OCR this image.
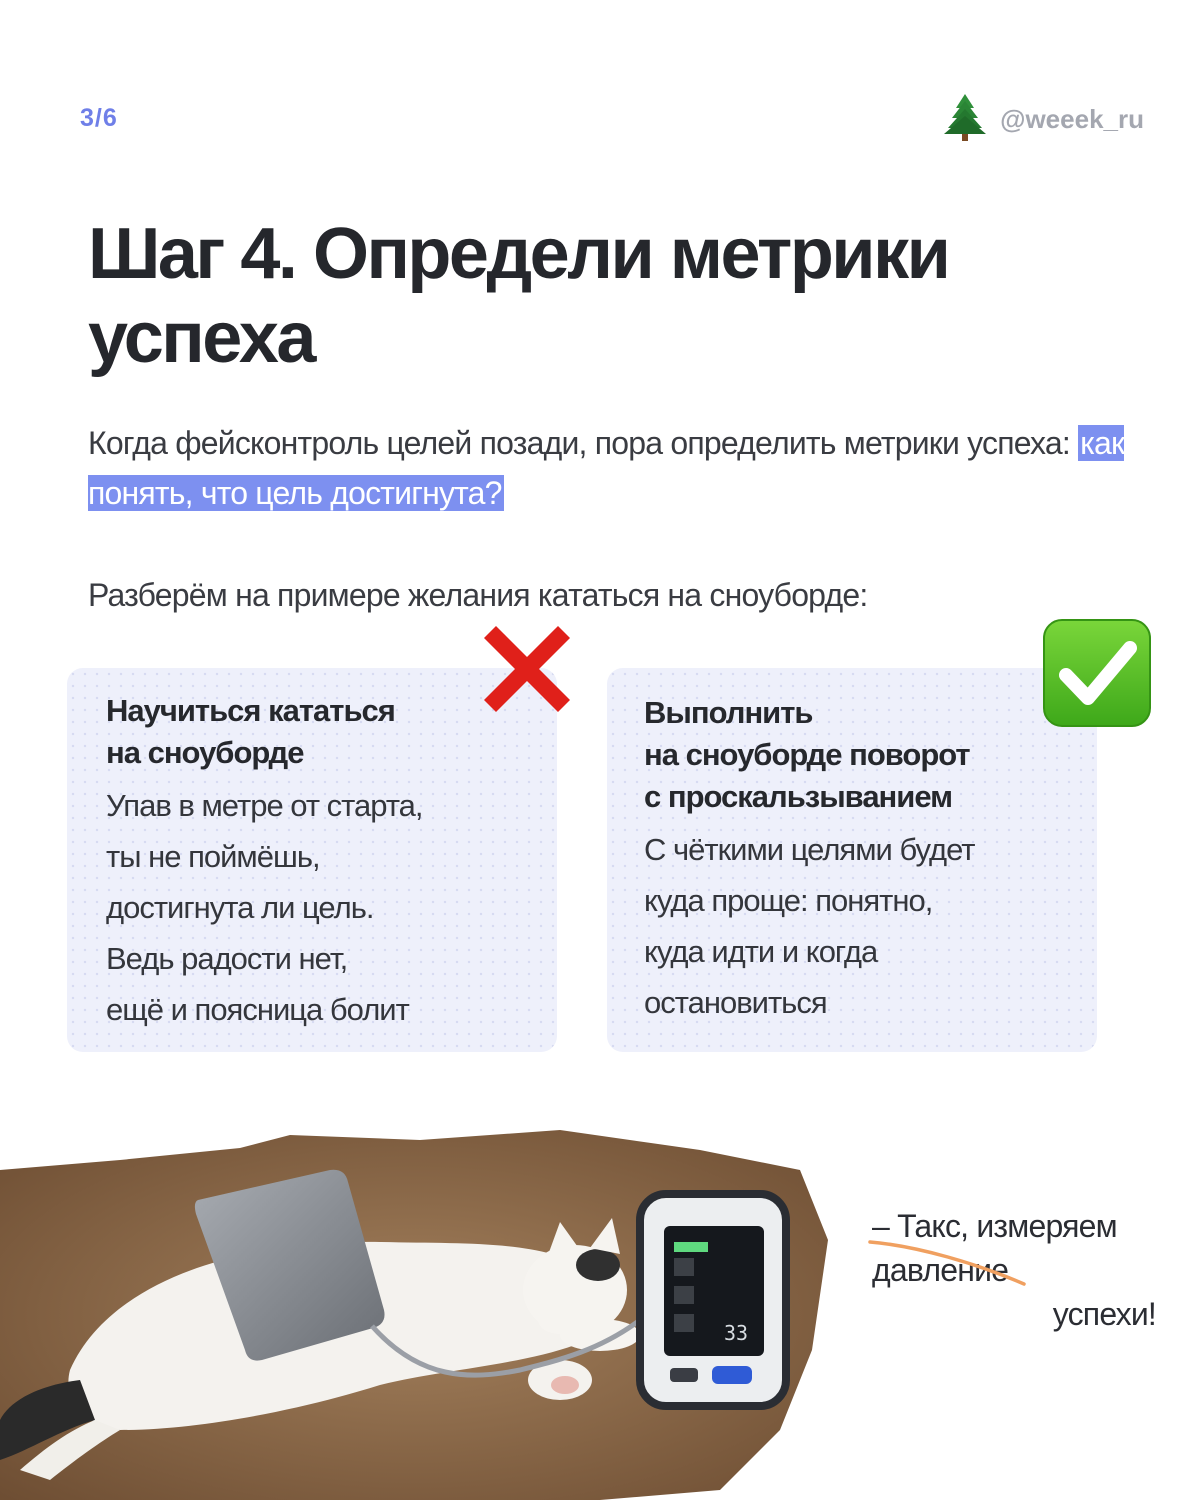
3/6	@weeek_ru
Шаг 4. Определи метрики успеха

Когда фейсконтроль целей позади, пора определить метрики успеха: как понять, что цель достигнута?

Разберём на примере желания кататься на сноуборде:

Научиться кататься
на сноуборде

Упав в метре от старта,
ты не поймёшь,
достигнута ли цель.
Ведь радости нет,
ещё и поясница болит

Выполнить
на сноуборде поворот
с проскальзыванием

С чёткими целями будет
куда проще: понятно,
куда идти и когда
остановиться

33
– Такс, измеряем
давление
успехи!
